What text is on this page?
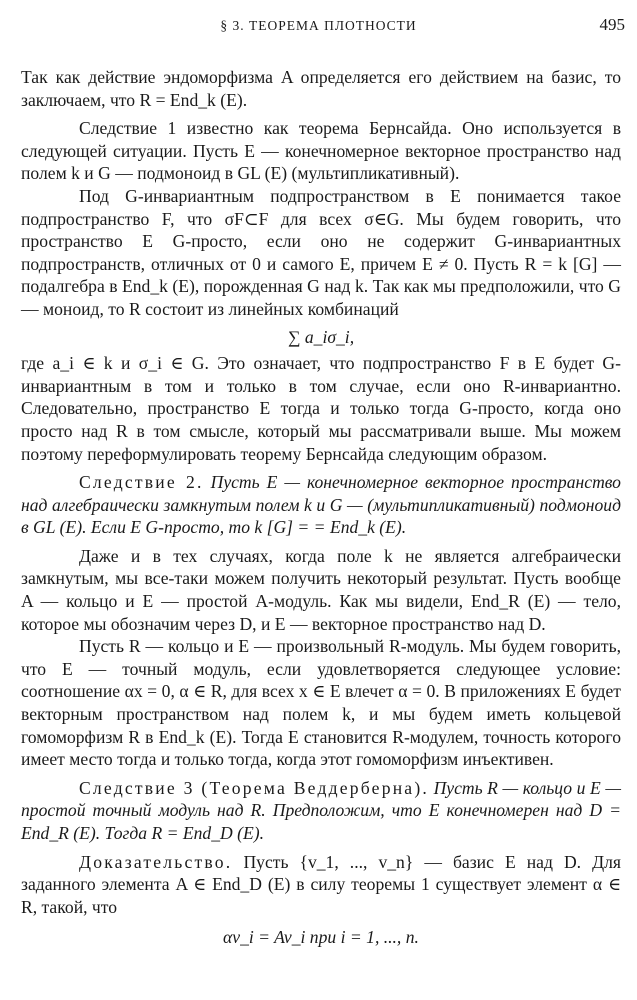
§ 3. ТЕОРЕМА ПЛОТНОСТИ	495

Так как действие эндоморфизма A определяется его действием на базис, то заключаем, что R = End_k (E).

Следствие 1 известно как теорема Бернсайда. Оно используется в следующей ситуации. Пусть E — конечномерное векторное пространство над полем k и G — подмоноид в GL (E) (мультипликативный).

Под G-инвариантным подпространством в E понимается такое подпространство F, что σF⊂F для всех σ∈G. Мы будем говорить, что пространство E G-просто, если оно не содержит G-инвариантных подпространств, отличных от 0 и самого E, причем E ≠ 0. Пусть R = k [G] — подалгебра в End_k (E), порожденная G над k. Так как мы предположили, что G — моноид, то R состоит из линейных комбинаций

∑ a_iσ_i,

где a_i ∈ k и σ_i ∈ G. Это означает, что подпространство F в E будет G-инвариантным в том и только в том случае, если оно R-инвариантно. Следовательно, пространство E тогда и только тогда G-просто, когда оно просто над R в том смысле, который мы рассматривали выше. Мы можем поэтому переформулировать теорему Бернсайда следующим образом.

Следствие 2. Пусть E — конечномерное векторное пространство над алгебраически замкнутым полем k и G — (мультипликативный) подмоноид в GL (E). Если E G-просто, то k [G] = = End_k (E).

Даже и в тех случаях, когда поле k не является алгебраически замкнутым, мы все-таки можем получить некоторый результат. Пусть вообще A — кольцо и E — простой A-модуль. Как мы видели, End_R (E) — тело, которое мы обозначим через D, и E — векторное пространство над D.

Пусть R — кольцо и E — произвольный R-модуль. Мы будем говорить, что E — точный модуль, если удовлетворяется следующее условие: соотношение αx = 0, α ∈ R, для всех x ∈ E влечет α = 0. В приложениях E будет векторным пространством над полем k, и мы будем иметь кольцевой гомоморфизм R в End_k (E). Тогда E становится R-модулем, точность которого имеет место тогда и только тогда, когда этот гомоморфизм инъективен.

Следствие 3 (Теорема Веддерберна). Пусть R — кольцо и E — простой точный модуль над R. Предположим, что E конечномерен над D = End_R (E). Тогда R = End_D (E).

Доказательство. Пусть {v_1, ..., v_n} — базис E над D. Для заданного элемента A ∈ End_D (E) в силу теоремы 1 существует элемент α ∈ R, такой, что

αv_i = Av_i при i = 1, ..., n.
